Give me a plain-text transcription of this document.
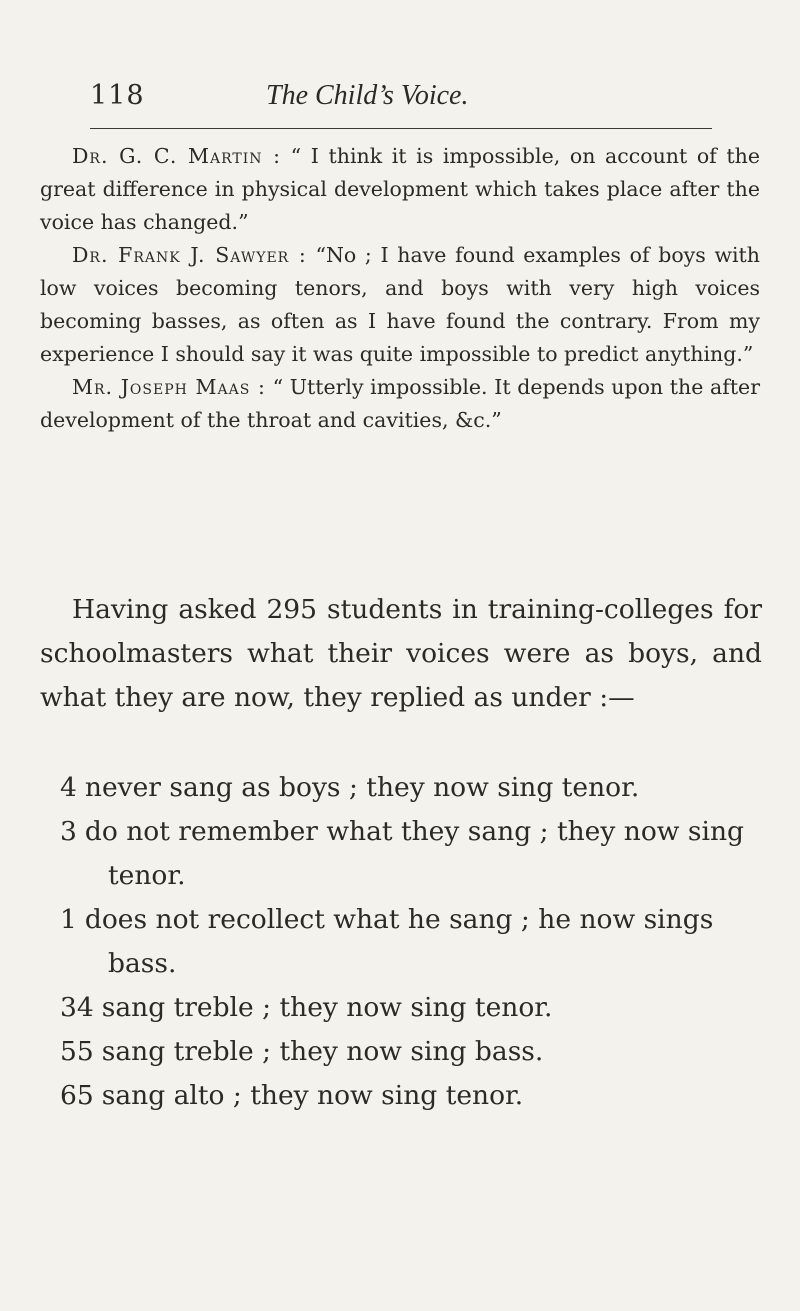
118	The Child’s Voice.

Dr. G. C. Martin : “ I think it is impossible, on account of the great difference in physical development which takes place after the voice has changed.”

Dr. Frank J. Sawyer : “No ; I have found examples of boys with low voices becoming tenors, and boys with very high voices becoming basses, as often as I have found the contrary. From my experience I should say it was quite impossible to predict anything.”

Mr. Joseph Maas : “ Utterly impossible. It depends upon the after development of the throat and cavities, &c.”

Having asked 295 students in training-colleges for schoolmasters what their voices were as boys, and what they are now, they replied as under :—

4 never sang as boys ; they now sing tenor.
3 do not remember what they sang ; they now sing tenor.
1 does not recollect what he sang ; he now sings bass.
34 sang treble ; they now sing tenor.
55 sang treble ; they now sing bass.
65 sang alto ; they now sing tenor.
